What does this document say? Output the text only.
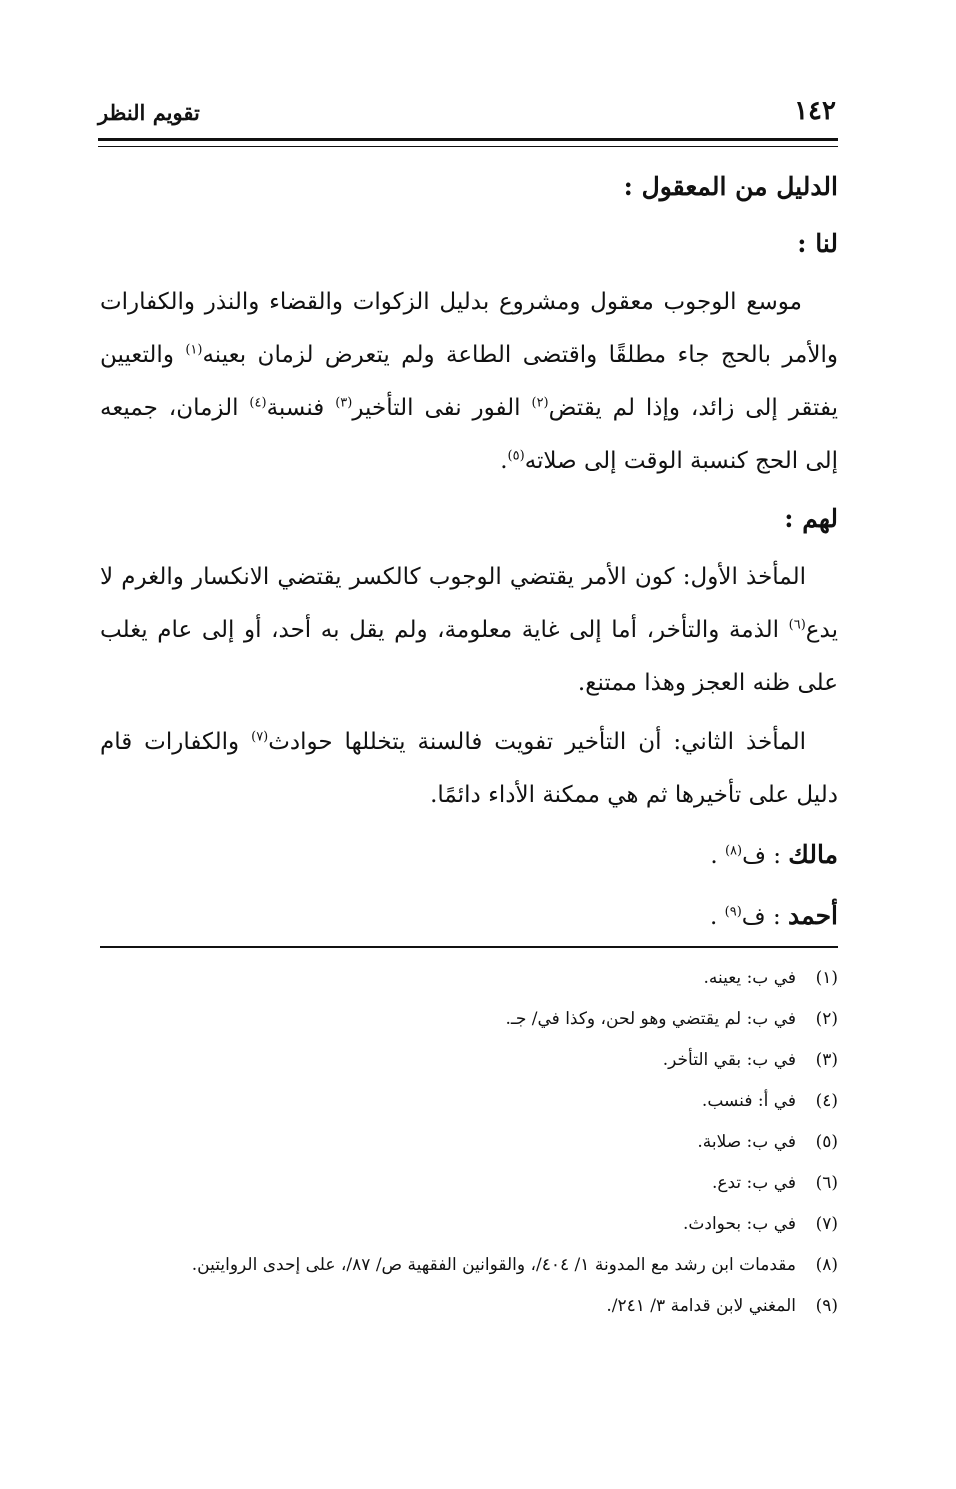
١٤٢
تقويم النظر

الدليل من المعقول :

لنا :

موسع الوجوب معقول ومشروع بدليل الزكوات والقضاء والنذر والكفارات والأمر بالحج جاء مطلقًا واقتضى الطاعة ولم يتعرض لزمان بعينه$^{(١)}$ والتعيين يفتقر إلى زائد، وإذا لم يقتض$^{(٢)}$ الفور نفى التأخير$^{(٣)}$ فنسبة$^{(٤)}$ الزمان، جميعه إلى الحج كنسبة الوقت إلى صلاته$^{(٥)}$.

لهم :

المأخذ الأول: كون الأمر يقتضي الوجوب كالكسر يقتضي الانكسار والغرم لا يدع$^{(٦)}$ الذمة والتأخر، أما إلى غاية معلومة، ولم يقل به أحد، أو إلى عام يغلب على ظنه العجز وهذا ممتنع.

المأخذ الثاني: أن التأخير تفويت فالسنة يتخللها حوادث$^{(٧)}$ والكفارات قام دليل على تأخيرها ثم هي ممكنة الأداء دائمًا.

مالك : ف$^{(٨)}$ .

أحمد : ف$^{(٩)}$ .

(١)
في ب: يعينه.
(٢)
في ب: لم يقتضي وهو لحن، وكذا في/ جـ.
(٣)
في ب: بقي التأخر.
(٤)
في أ: فنسب.
(٥)
في ب: صلابة.
(٦)
في ب: تدع.
(٧)
في ب: بحوادث.
(٨)
مقدمات ابن رشد مع المدونة ١/ ٤٠٤/، والقوانين الفقهية ص/ ٨٧/، على إحدى الروايتين.
(٩)
المغني لابن قدامة ٣/ ٢٤١/.
